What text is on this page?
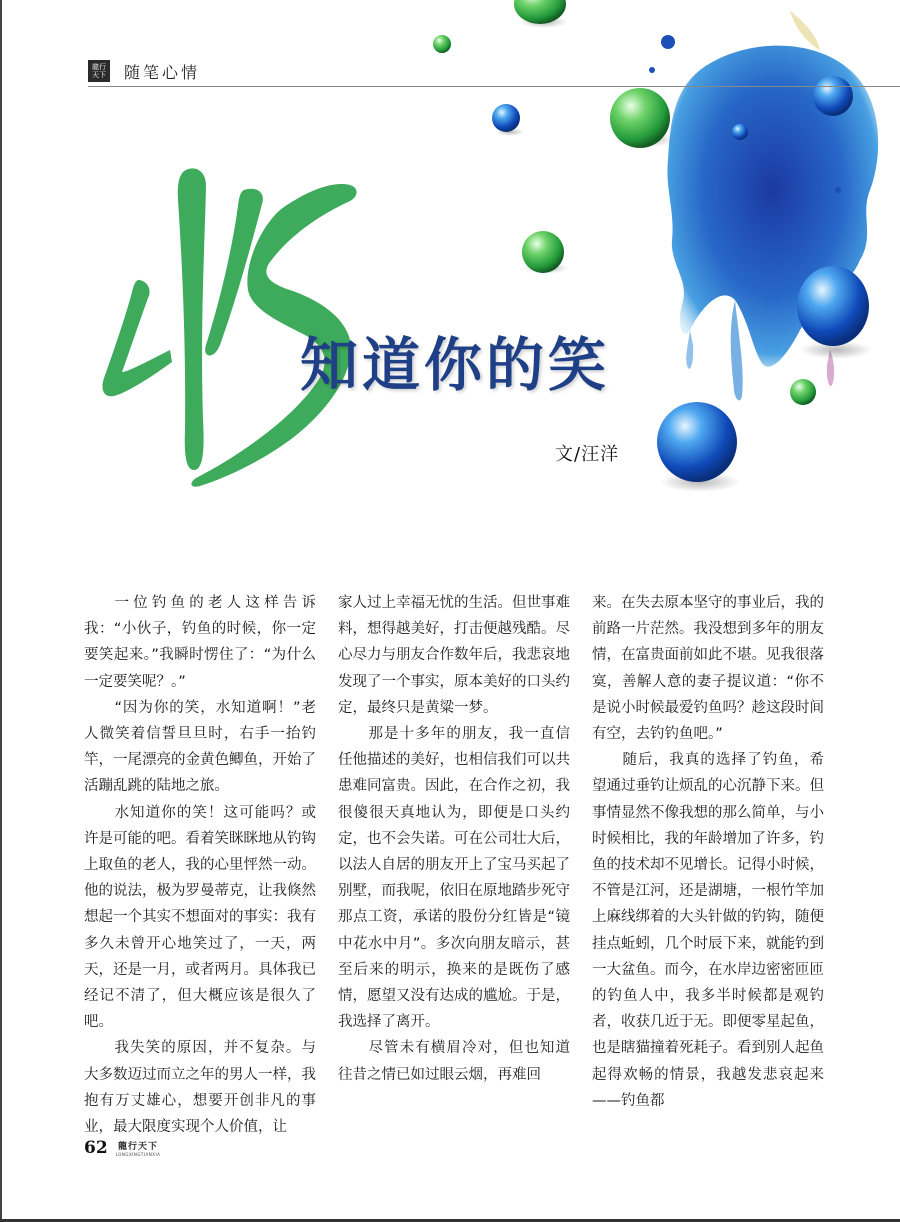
龍行
天下 随笔心情
知道你的笑
文/汪洋

一位钓鱼的老人这样告诉我：“小伙子，钓鱼的时候，你一定要笑起来。”我瞬时愣住了：“为什么一定要笑呢？。”

“因为你的笑，水知道啊！”老人微笑着信誓旦旦时，右手一抬钓竿，一尾漂亮的金黄色鲫鱼，开始了活蹦乱跳的陆地之旅。

水知道你的笑！这可能吗？或许是可能的吧。看着笑眯眯地从钓钩上取鱼的老人，我的心里怦然一动。他的说法，极为罗曼蒂克，让我倏然想起一个其实不想面对的事实：我有多久未曾开心地笑过了，一天，两天，还是一月，或者两月。具体我已经记不清了，但大概应该是很久了吧。

我失笑的原因，并不复杂。与大多数迈过而立之年的男人一样，我抱有万丈雄心，想要开创非凡的事业，最大限度实现个人价值，让

家人过上幸福无忧的生活。但世事难料，想得越美好，打击便越残酷。尽心尽力与朋友合作数年后，我悲哀地发现了一个事实，原本美好的口头约定，最终只是黄粱一梦。

那是十多年的朋友，我一直信任他描述的美好，也相信我们可以共患难同富贵。因此，在合作之初，我很傻很天真地认为，即便是口头约定，也不会失诺。可在公司壮大后，以法人自居的朋友开上了宝马买起了别墅，而我呢，依旧在原地踏步死守那点工资，承诺的股份分红皆是“镜中花水中月”。多次向朋友暗示，甚至后来的明示，换来的是既伤了感情，愿望又没有达成的尴尬。于是，我选择了离开。

尽管未有横眉冷对，但也知道往昔之情已如过眼云烟，再难回

来。在失去原本坚守的事业后，我的前路一片茫然。我没想到多年的朋友情，在富贵面前如此不堪。见我很落寞，善解人意的妻子提议道：“你不是说小时候最爱钓鱼吗？趁这段时间有空，去钓钓鱼吧。”

随后，我真的选择了钓鱼，希望通过垂钓让烦乱的心沉静下来。但事情显然不像我想的那么简单，与小时候相比，我的年龄增加了许多，钓鱼的技术却不见增长。记得小时候，不管是江河，还是湖塘，一根竹竿加上麻线绑着的大头针做的钓钩，随便挂点蚯蚓，几个时辰下来，就能钓到一大盆鱼。而今，在水岸边密密匝匝的钓鱼人中，我多半时候都是观钓者，收获几近于无。即便零星起鱼，也是瞎猫撞着死耗子。看到别人起鱼起得欢畅的情景，我越发悲哀起来——钓鱼都

62 龍行天下
LONGXINGTIANXIA
